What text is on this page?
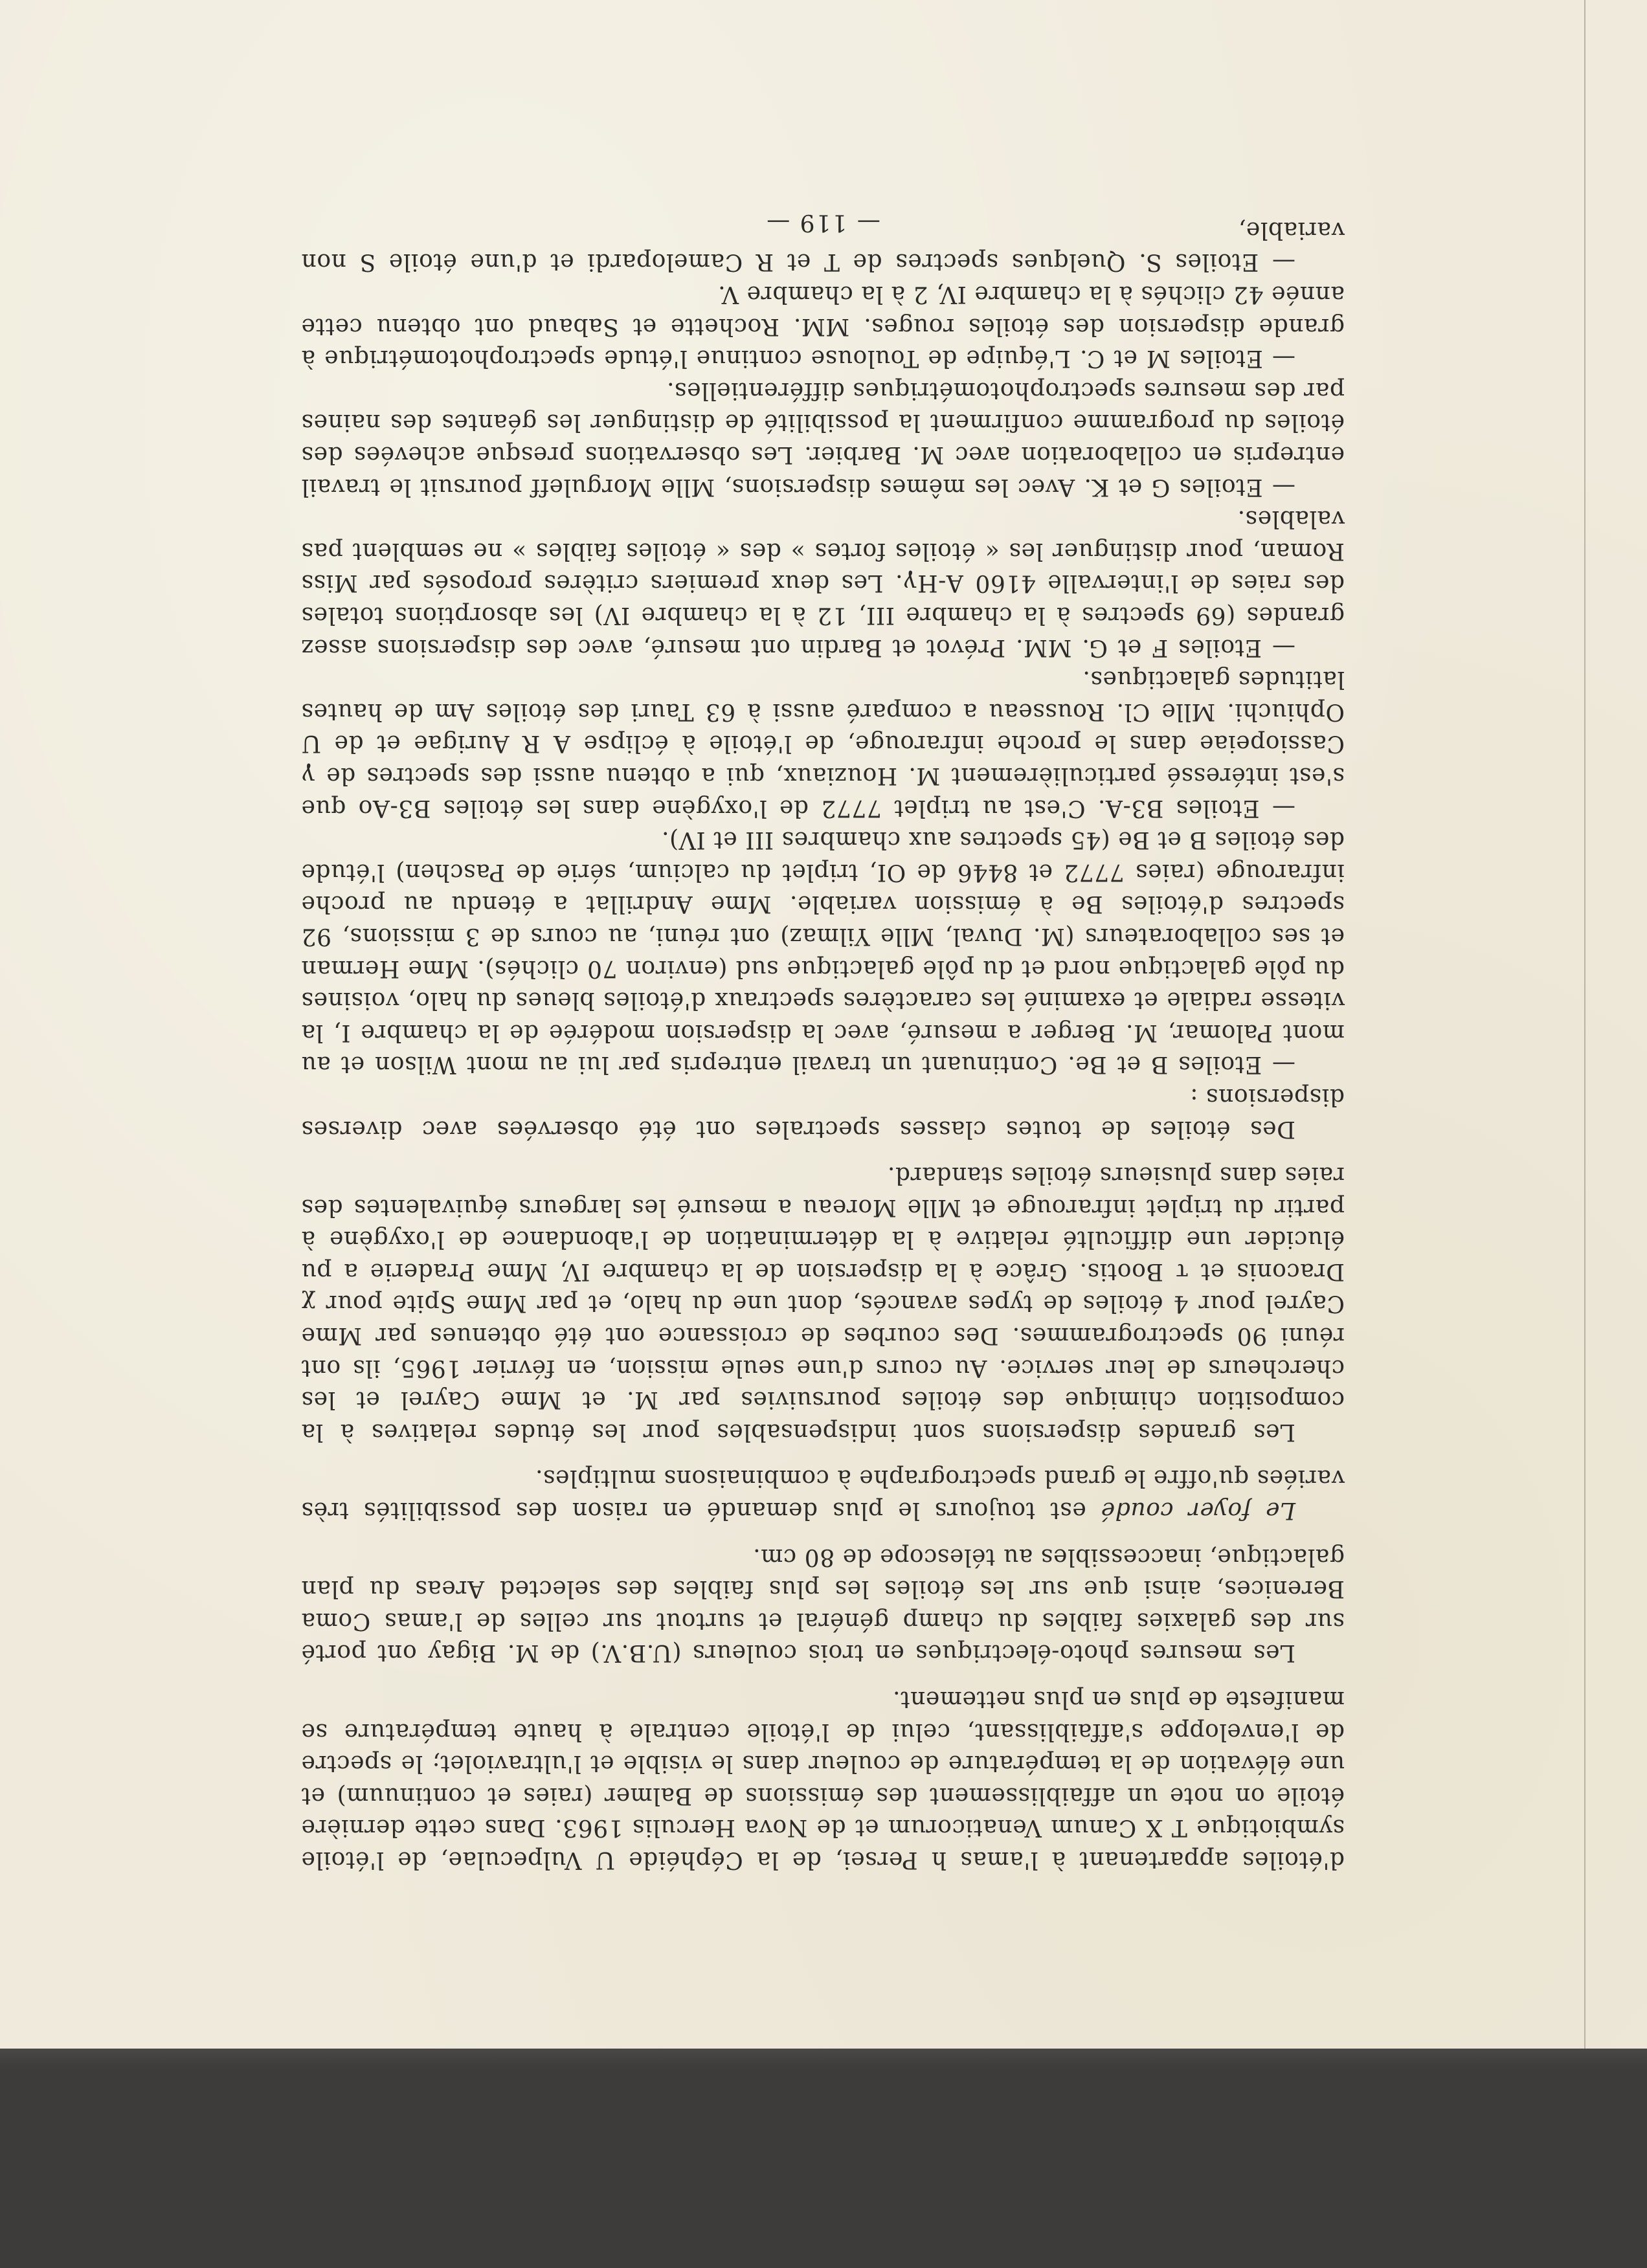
d'étoiles appartenant à l'amas h Persei, de la Céphéide U Vulpeculae, de l'étoile symbiotique T X Canum Venaticorum et de Nova Herculis 1963. Dans cette dernière étoile on note un affaiblissement des émissions de Balmer (raies et continuum) et une élévation de la température de couleur dans le visible et l'ultraviolet; le spectre de l'enveloppe s'affaiblissant, celui de l'étoile centrale à haute température se manifeste de plus en plus nettement.

Les mesures photo-électriques en trois couleurs (U.B.V.) de M. Bigay ont porté sur des galaxies faibles du champ général et surtout sur celles de l'amas Coma Berenices, ainsi que sur les étoiles les plus faibles des selected Areas du plan galactique, inaccessibles au télescope de 80 cm.

Le foyer coudé est toujours le plus demandé en raison des possibilités très variées qu'offre le grand spectrographe à combinaisons multiples.

Les grandes dispersions sont indispensables pour les études relatives à la composition chimique des étoiles poursuivies par M. et Mme Cayrel et les chercheurs de leur service. Au cours d'une seule mission, en février 1965, ils ont réuni 90 spectrogrammes. Des courbes de croissance ont été obtenues par Mme Cayrel pour 4 étoiles de types avancés, dont une du halo, et par Mme Spite pour χ Draconis et τ Bootis. Grâce à la dispersion de la chambre IV, Mme Praderie a pu élucider une difficulté relative à la détermination de l'abondance de l'oxygène à partir du triplet infrarouge et Mlle Moreau a mesuré les largeurs équivalentes des raies dans plusieurs étoiles standard.

Des étoiles de toutes classes spectrales ont été observées avec diverses dispersions :

— Etoiles B et Be. Continuant un travail entrepris par lui au mont Wilson et au mont Palomar, M. Berger a mesuré, avec la dispersion modérée de la chambre I, la vitesse radiale et examiné les caractères spectraux d'étoiles bleues du halo, voisines du pôle galactique nord et du pôle galactique sud (environ 70 clichés). Mme Herman et ses collaborateurs (M. Duval, Mlle Yilmaz) ont réuni, au cours de 3 missions, 92 spectres d'étoiles Be à émission variable. Mme Andrillat a étendu au proche infrarouge (raies 7772 et 8446 de OI, triplet du calcium, série de Paschen) l'étude des étoiles B et Be (45 spectres aux chambres III et IV).

— Etoiles B3-A. C'est au triplet 7772 de l'oxygène dans les étoiles B3-Ao que s'est intéressé particulièrement M. Houziaux, qui a obtenu aussi des spectres de γ Cassiopeiae dans le proche infrarouge, de l'étoile à éclipse A R Aurigae et de U Ophiuchi. Mlle Cl. Rousseau a comparé aussi à 63 Tauri des étoiles Am de hautes latitudes galactiques.

— Etoiles F et G. MM. Prévot et Bardin ont mesuré, avec des dispersions assez grandes (69 spectres à la chambre III, 12 à la chambre IV) les absorptions totales des raies de l'intervalle 4160 A-Hγ. Les deux premiers critères proposés par Miss Roman, pour distinguer les « étoiles fortes » des « étoiles faibles » ne semblent pas valables.

— Etoiles G et K. Avec les mêmes dispersions, Mlle Morguleff poursuit le travail entrepris en collaboration avec M. Barbier. Les observations presque achevées des étoiles du programme confirment la possibilité de distinguer les géantes des naines par des mesures spectrophotométriques différentielles.

— Etoiles M et C. L'équipe de Toulouse continue l'étude spectrophotométrique à grande dispersion des étoiles rouges. MM. Rochette et Sabaud ont obtenu cette année 42 clichés à la chambre IV, 2 à la chambre V.

— Etoiles S. Quelques spectres de T et R Camelopardi et d'une étoile S non variable,

— 119 —
